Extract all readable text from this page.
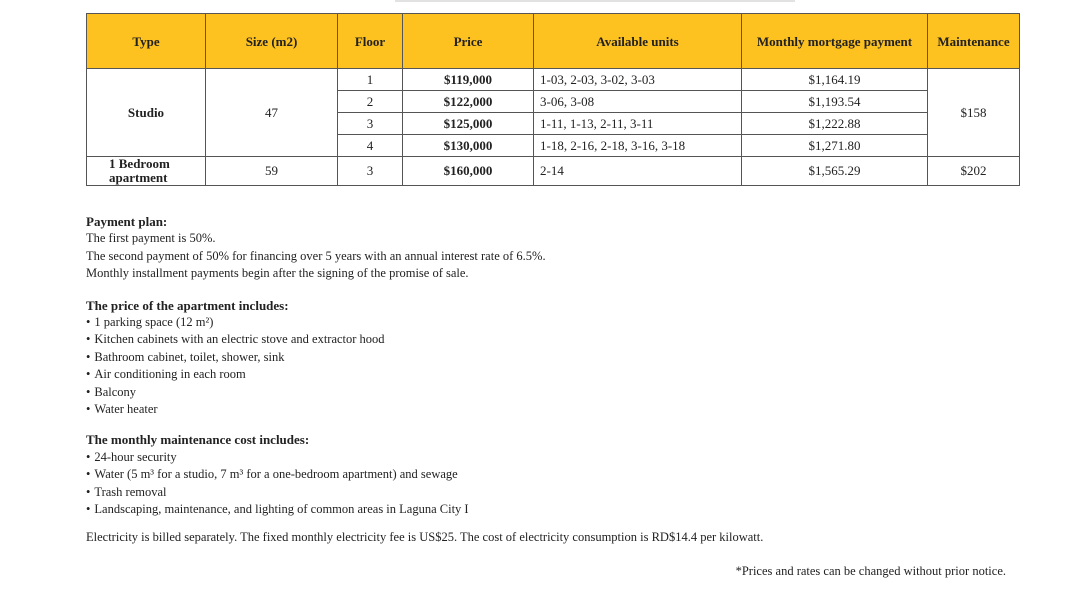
Type	Size (m2)	Floor	Price	Available units	Monthly mortgage payment	Maintenance
Studio	47	1	$119,000	1-03, 2-03, 3-02, 3-03	$1,164.19	$158
		2	$122,000	3-06, 3-08	$1,193.54	
		3	$125,000	1-11, 1-13, 2-11, 3-11	$1,222.88	
		4	$130,000	1-18, 2-16, 2-18, 3-16, 3-18	$1,271.80	
1 Bedroom apartment	59	3	$160,000	2-14	$1,565.29	$202

Payment plan:

The first payment is 50%.

The second payment of 50% for financing over 5 years with an annual interest rate of 6.5%.

Monthly installment payments begin after the signing of the promise of sale.

The price of the apartment includes:

• 1 parking space (12 m²)

• Kitchen cabinets with an electric stove and extractor hood

• Bathroom cabinet, toilet, shower, sink

• Air conditioning in each room

• Balcony

• Water heater

The monthly maintenance cost includes:

• 24-hour security

• Water (5 m³ for a studio, 7 m³ for a one-bedroom apartment) and sewage

• Trash removal

• Landscaping, maintenance, and lighting of common areas in Laguna City I

Electricity is billed separately. The fixed monthly electricity fee is US$25. The cost of electricity consumption is RD$14.4 per kilowatt.

*Prices and rates can be changed without prior notice.
